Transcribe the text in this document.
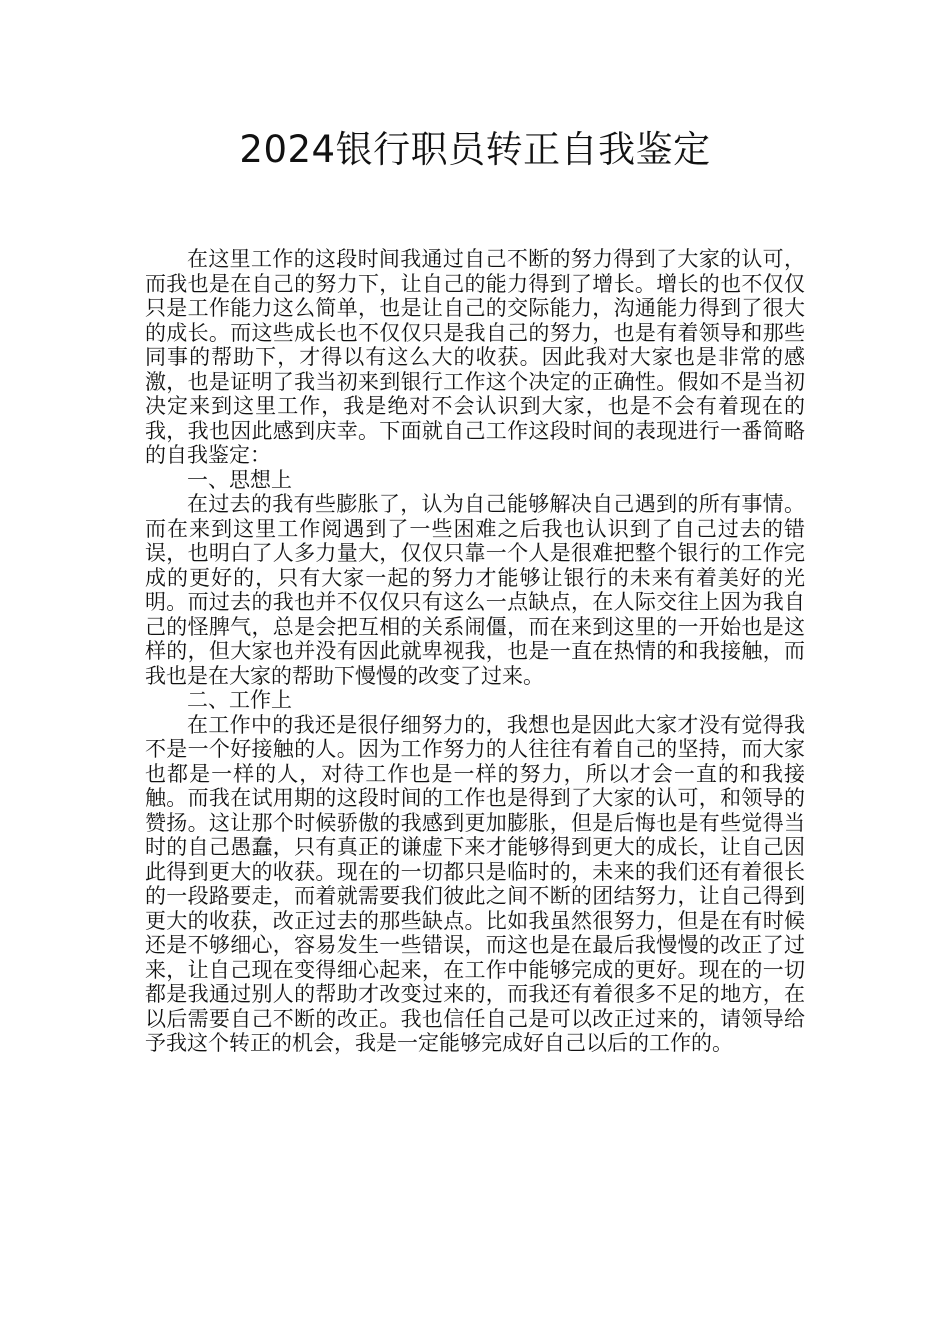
2024银行职员转正自我鉴定

在这里工作的这段时间我通过自己不断的努力得到了大家的认可，而我也是在自己的努力下，让自己的能力得到了增长。增长的也不仅仅只是工作能力这么简单，也是让自己的交际能力，沟通能力得到了很大的成长。而这些成长也不仅仅只是我自己的努力，也是有着领导和那些同事的帮助下，才得以有这么大的收获。因此我对大家也是非常的感激，也是证明了我当初来到银行工作这个决定的正确性。假如不是当初决定来到这里工作，我是绝对不会认识到大家，也是不会有着现在的我，我也因此感到庆幸。下面就自己工作这段时间的表现进行一番简略的自我鉴定：

一、思想上

在过去的我有些膨胀了，认为自己能够解决自己遇到的所有事情。而在来到这里工作阅遇到了一些困难之后我也认识到了自己过去的错误，也明白了人多力量大，仅仅只靠一个人是很难把整个银行的工作完成的更好的，只有大家一起的努力才能够让银行的未来有着美好的光明。而过去的我也并不仅仅只有这么一点缺点，在人际交往上因为我自己的怪脾气，总是会把互相的关系闹僵，而在来到这里的一开始也是这样的，但大家也并没有因此就卑视我，也是一直在热情的和我接触，而我也是在大家的帮助下慢慢的改变了过来。

二、工作上

在工作中的我还是很仔细努力的，我想也是因此大家才没有觉得我不是一个好接触的人。因为工作努力的人往往有着自己的坚持，而大家也都是一样的人，对待工作也是一样的努力，所以才会一直的和我接触。而我在试用期的这段时间的工作也是得到了大家的认可，和领导的赞扬。这让那个时候骄傲的我感到更加膨胀，但是后悔也是有些觉得当时的自己愚蠢，只有真正的谦虚下来才能够得到更大的成长，让自己因此得到更大的收获。现在的一切都只是临时的，未来的我们还有着很长的一段路要走，而着就需要我们彼此之间不断的团结努力，让自己得到更大的收获，改正过去的那些缺点。比如我虽然很努力，但是在有时候还是不够细心，容易发生一些错误，而这也是在最后我慢慢的改正了过来，让自己现在变得细心起来，在工作中能够完成的更好。现在的一切都是我通过别人的帮助才改变过来的，而我还有着很多不足的地方，在以后需要自己不断的改正。我也信任自己是可以改正过来的，请领导给予我这个转正的机会，我是一定能够完成好自己以后的工作的。
